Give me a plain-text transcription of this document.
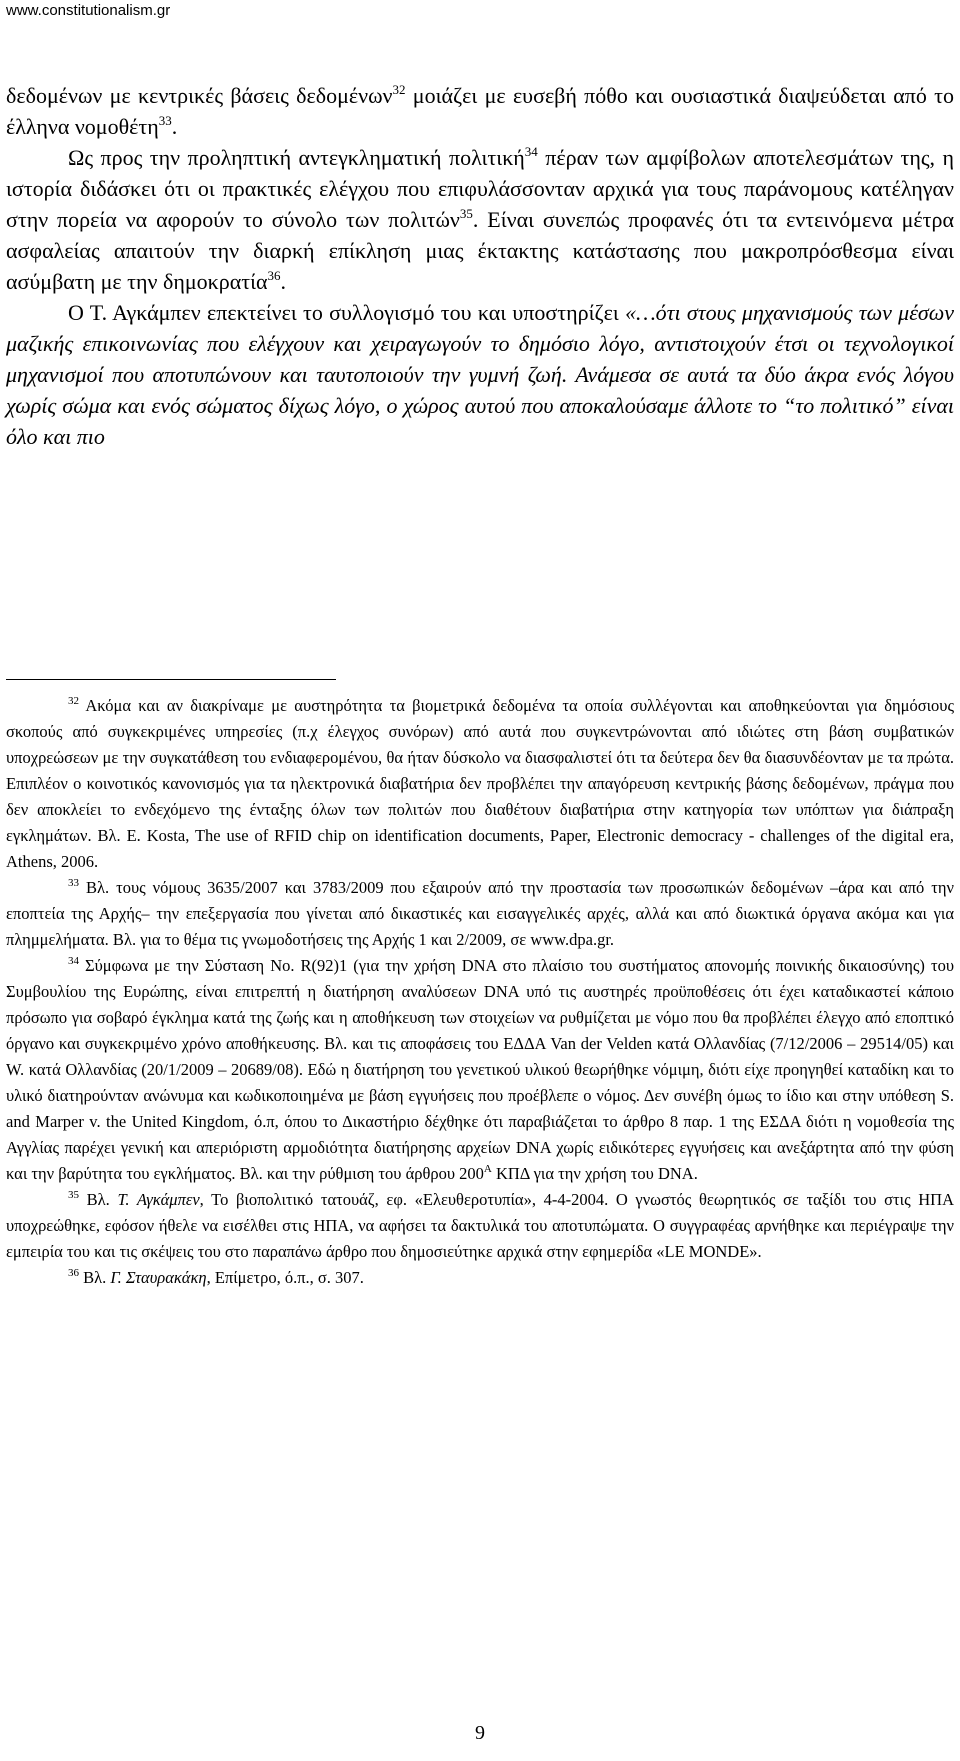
www.constitutionalism.gr

δεδομένων με κεντρικές βάσεις δεδομένων$^{32}$ μοιάζει με ευσεβή πόθο και ουσιαστικά διαψεύδεται από το έλληνα νομοθέτη$^{33}$.

Ως προς την προληπτική αντεγκληματική πολιτική$^{34}$ πέραν των αμφίβολων αποτελεσμάτων της, η ιστορία διδάσκει ότι οι πρακτικές ελέγχου που επιφυλάσσονταν αρχικά για τους παράνομους κατέληγαν στην πορεία να αφορούν το σύνολο των πολιτών$^{35}$. Είναι συνεπώς προφανές ότι τα εντεινόμενα μέτρα ασφαλείας απαιτούν την διαρκή επίκληση μιας έκτακτης κατάστασης που μακροπρόσθεσμα είναι ασύμβατη με την δημοκρατία$^{36}$.

Ο Τ. Αγκάμπεν επεκτείνει το συλλογισμό του και υποστηρίζει «…ότι στους μηχανισμούς των μέσων μαζικής επικοινωνίας που ελέγχουν και χειραγωγούν το δημόσιο λόγο, αντιστοιχούν έτσι οι τεχνολογικοί μηχανισμοί που αποτυπώνουν και ταυτοποιούν την γυμνή ζωή. Ανάμεσα σε αυτά τα δύο άκρα ενός λόγου χωρίς σώμα και ενός σώματος δίχως λόγο, ο χώρος αυτού που αποκαλούσαμε άλλοτε το “το πολιτικό” είναι όλο και πιο

$^{32}$ Ακόμα και αν διακρίναμε με αυστηρότητα τα βιομετρικά δεδομένα τα οποία συλλέγονται και αποθηκεύονται για δημόσιους σκοπούς από συγκεκριμένες υπηρεσίες (π.χ έλεγχος συνόρων) από αυτά που συγκεντρώνονται από ιδιώτες στη βάση συμβατικών υποχρεώσεων με την συγκατάθεση του ενδιαφερομένου, θα ήταν δύσκολο να διασφαλιστεί ότι τα δεύτερα δεν θα διασυνδέονταν με τα πρώτα. Επιπλέον ο κοινοτικός κανονισμός για τα ηλεκτρονικά διαβατήρια δεν προβλέπει την απαγόρευση κεντρικής βάσης δεδομένων, πράγμα που δεν αποκλείει το ενδεχόμενο της ένταξης όλων των πολιτών που διαθέτουν διαβατήρια στην κατηγορία των υπόπτων για διάπραξη εγκλημάτων. Βλ. E. Kosta, The use of RFID chip on identification documents, Paper, Electronic democracy - challenges of the digital era, Athens, 2006.

$^{33}$ Βλ. τους νόμους 3635/2007 και 3783/2009 που εξαιρούν από την προστασία των προσωπικών δεδομένων –άρα και από την εποπτεία της Αρχής– την επεξεργασία που γίνεται από δικαστικές και εισαγγελικές αρχές, αλλά και από διωκτικά όργανα ακόμα και για πλημμελήματα. Βλ. για το θέμα τις γνωμοδοτήσεις της Αρχής 1 και 2/2009, σε www.dpa.gr.

$^{34}$ Σύμφωνα με την Σύσταση Νο. R(92)1 (για την χρήση DNA στο πλαίσιο του συστήματος απονομής ποινικής δικαιοσύνης) του Συμβουλίου της Ευρώπης, είναι επιτρεπτή η διατήρηση αναλύσεων DNA υπό τις αυστηρές προϋποθέσεις ότι έχει καταδικαστεί κάποιο πρόσωπο για σοβαρό έγκλημα κατά της ζωής και η αποθήκευση των στοιχείων να ρυθμίζεται με νόμο που θα προβλέπει έλεγχο από εποπτικό όργανο και συγκεκριμένο χρόνο αποθήκευσης. Βλ. και τις αποφάσεις του ΕΔΔΑ Van der Velden κατά Ολλανδίας (7/12/2006 – 29514/05) και W. κατά Ολλανδίας (20/1/2009 – 20689/08). Εδώ η διατήρηση του γενετικού υλικού θεωρήθηκε νόμιμη, διότι είχε προηγηθεί καταδίκη και το υλικό διατηρούνταν ανώνυμα και κωδικοποιημένα με βάση εγγυήσεις που προέβλεπε ο νόμος. Δεν συνέβη όμως το ίδιο και στην υπόθεση S. and Marper v. the United Kingdom, ό.π, όπου το Δικαστήριο δέχθηκε ότι παραβιάζεται το άρθρο 8 παρ. 1 της ΕΣΔΑ διότι η νομοθεσία της Αγγλίας παρέχει γενική και απεριόριστη αρμοδιότητα διατήρησης αρχείων DNA χωρίς ειδικότερες εγγυήσεις και ανεξάρτητα από την φύση και την βαρύτητα του εγκλήματος. Βλ. και την ρύθμιση του άρθρου $200^A$ ΚΠΔ για την χρήση του DNA.

$^{35}$ Βλ. Τ. Αγκάμπεν, Το βιοπολιτικό τατουάζ, εφ. «Ελευθεροτυπία», 4-4-2004. Ο γνωστός θεωρητικός σε ταξίδι του στις ΗΠΑ υποχρεώθηκε, εφόσον ήθελε να εισέλθει στις ΗΠΑ, να αφήσει τα δακτυλικά του αποτυπώματα. Ο συγγραφέας αρνήθηκε και περιέγραψε την εμπειρία του και τις σκέψεις του στο παραπάνω άρθρο που δημοσιεύτηκε αρχικά στην εφημερίδα «LE MONDE».

$^{36}$ Βλ. Γ. Σταυρακάκη, Επίμετρο, ό.π., σ. 307.

9
